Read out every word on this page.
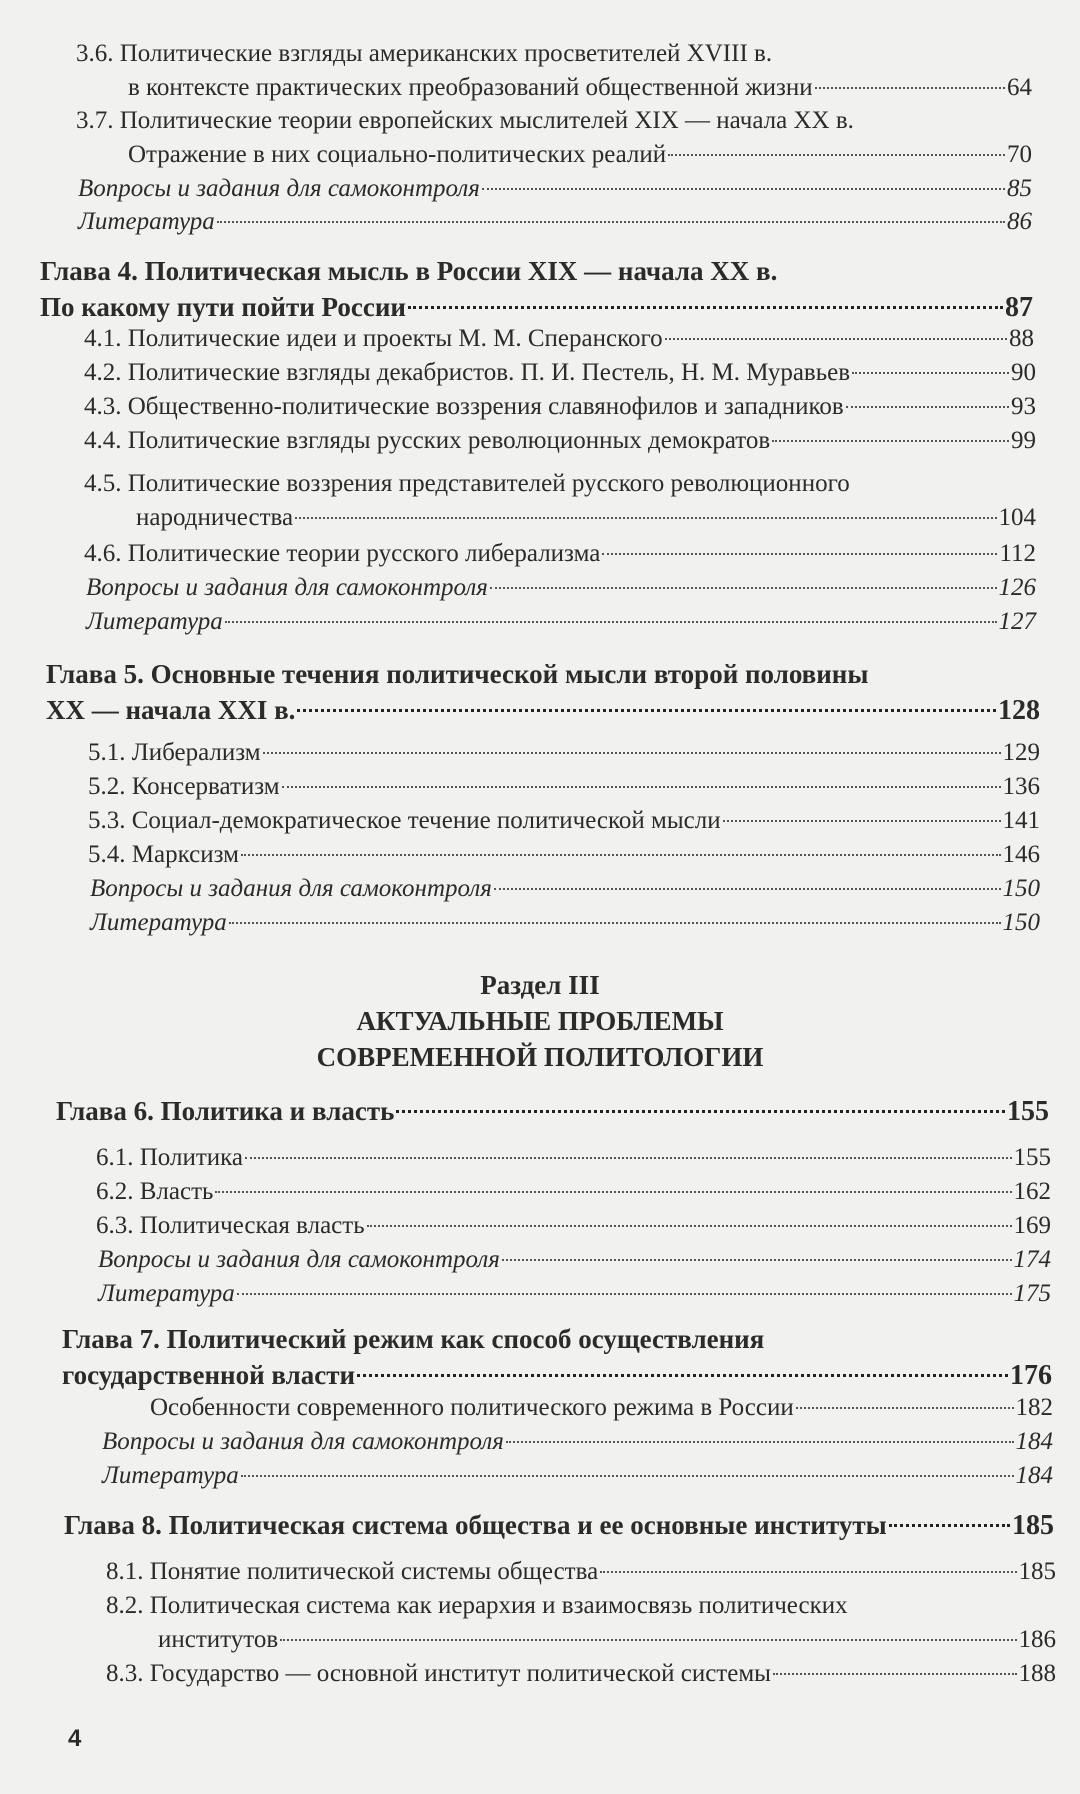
3.6. Политические взгляды американских просветителей XVIII в.
в контексте практических преобразований общественной жизни	64
3.7. Политические теории европейских мыслителей XIX — начала XX в.
Отражение в них социально-политических реалий	70
Вопросы и задания для самоконтроля	85
Литература	86
Глава 4. Политическая мысль в России XIX — начала XX в.
По какому пути пойти России	87
4.1. Политические идеи и проекты М. М. Сперанского	88
4.2. Политические взгляды декабристов. П. И. Пестель, Н. М. Муравьев	90
4.3. Общественно-политические воззрения славянофилов и западников	93
4.4. Политические взгляды русских революционных демократов	99
4.5. Политические воззрения представителей русского революционного
народничества	104
4.6. Политические теории русского либерализма	112
Вопросы и задания для самоконтроля	126
Литература	127
Глава 5. Основные течения политической мысли второй половины
XX — начала XXI в.	128
5.1. Либерализм	129
5.2. Консерватизм	136
5.3. Социал-демократическое течение политической мысли	141
5.4. Марксизм	146
Вопросы и задания для самоконтроля	150
Литература	150
Глава 6. Политика и власть	155
6.1. Политика	155
6.2. Власть	162
6.3. Политическая власть	169
Вопросы и задания для самоконтроля	174
Литература	175
Глава 7. Политический режим как способ осуществления
государственной власти	176
Особенности современного политического режима в России	182
Вопросы и задания для самоконтроля	184
Литература	184
Глава 8. Политическая система общества и ее основные институты	185
8.1. Понятие политической системы общества	185
8.2. Политическая система как иерархия и взаимосвязь политических
институтов	186
8.3. Государство — основной институт политической системы	188
Раздел III
АКТУАЛЬНЫЕ ПРОБЛЕМЫ
СОВРЕМЕННОЙ ПОЛИТОЛОГИИ
4
